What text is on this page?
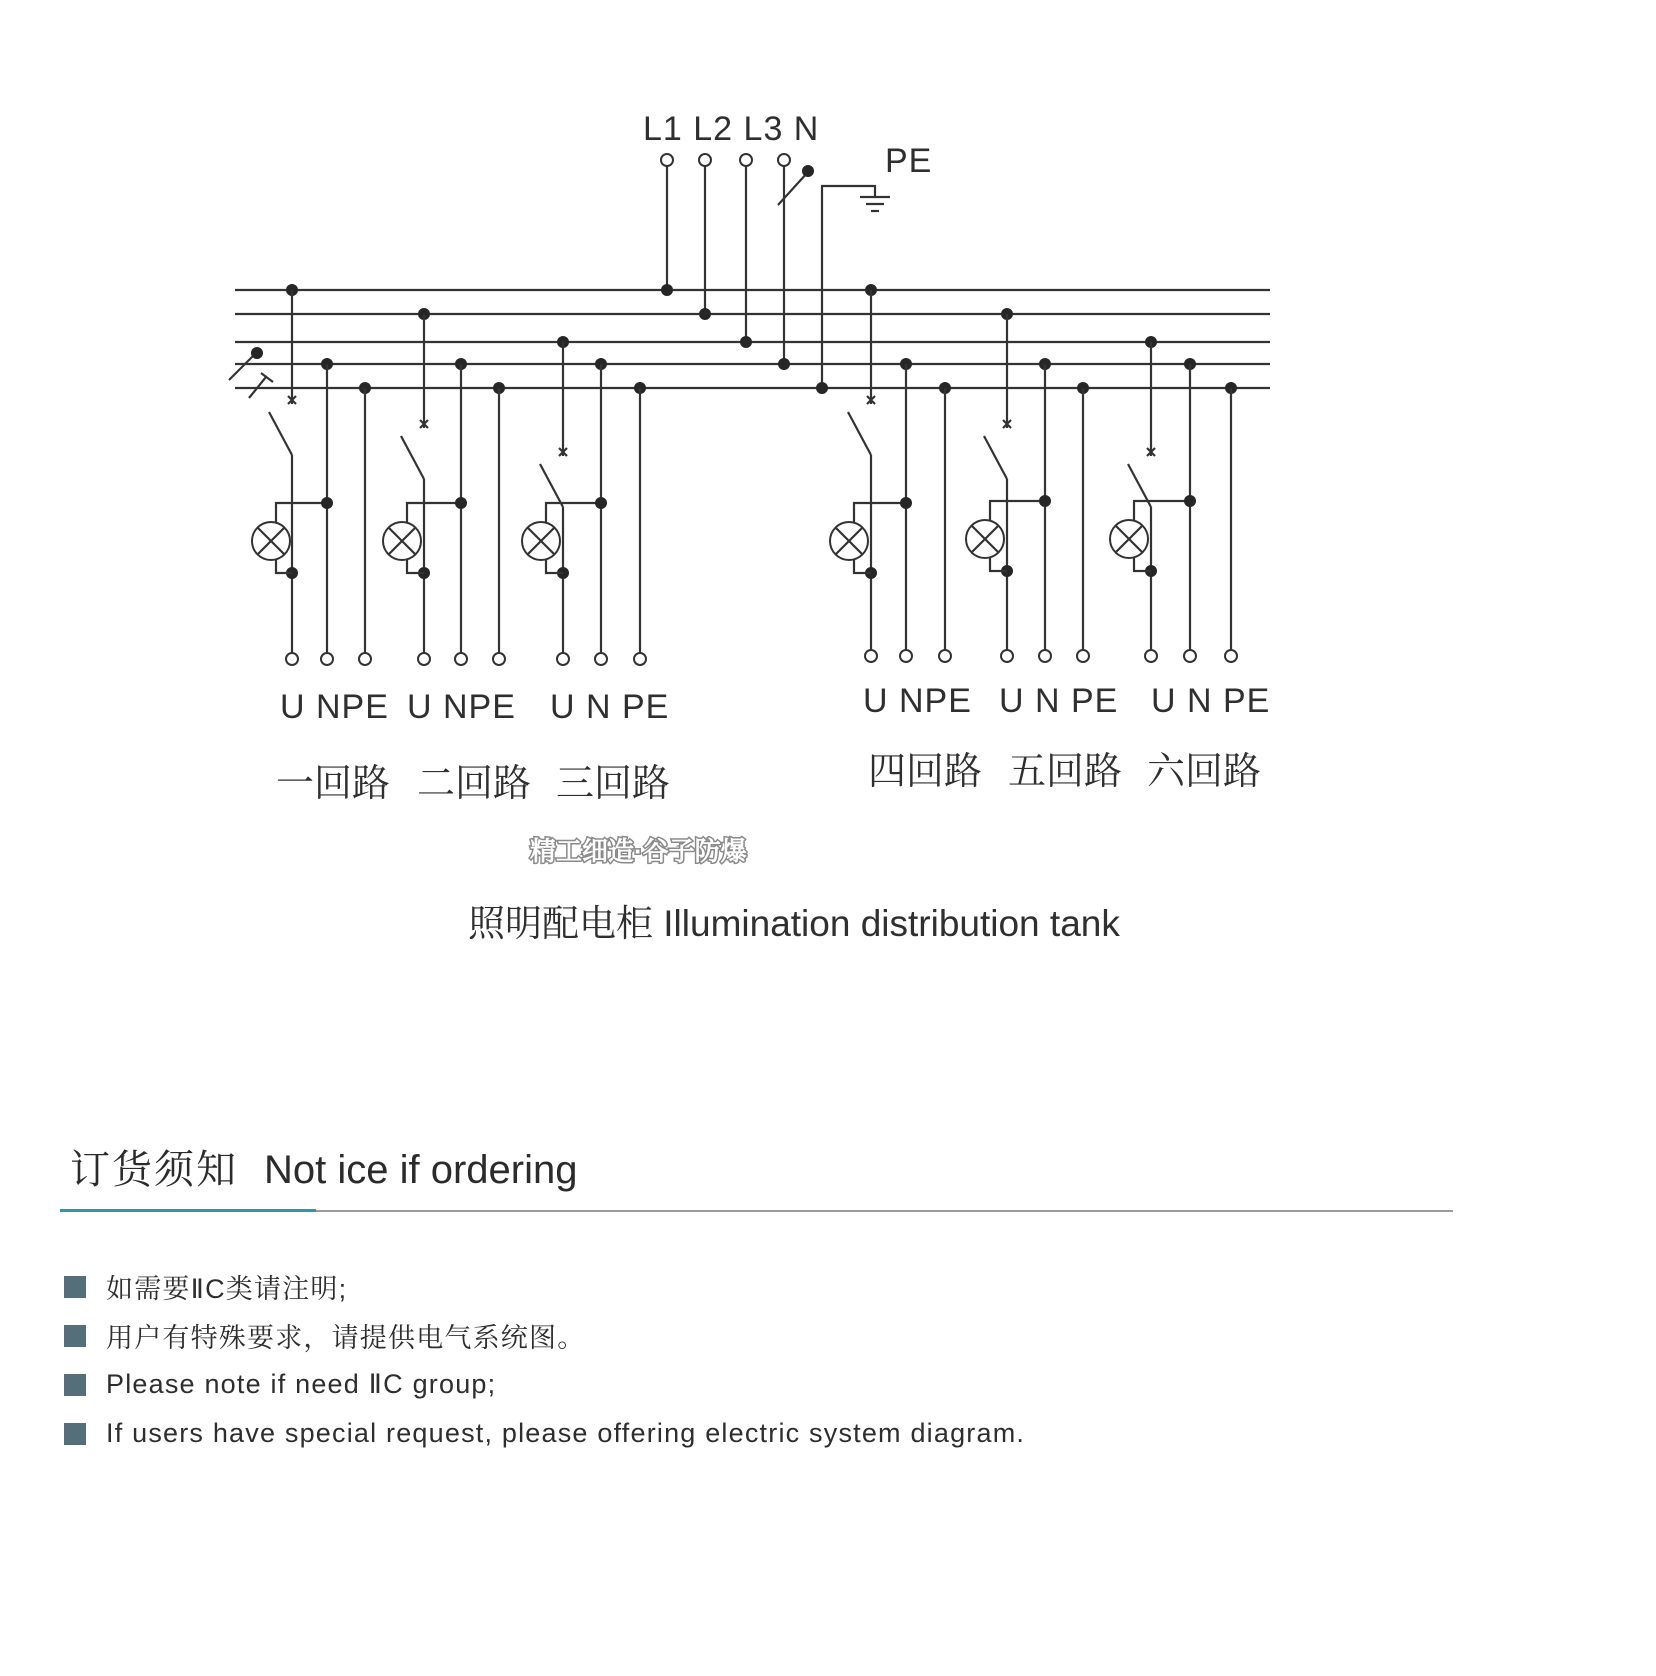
L1 L2 L3 N
PE
U NPE U NPE U N PE	U NPE U N PE U N PE
一回路 二回路 三回路	四回路 五回路 六回路
精工细造·谷子防爆
照明配电柜 Illumination distribution tank
订货须知 Not ice if ordering
如需要ⅡC类请注明;
用户有特殊要求，请提供电气系统图。
Please note if need ⅡC group;
If users have special request, please offering electric system diagram.
